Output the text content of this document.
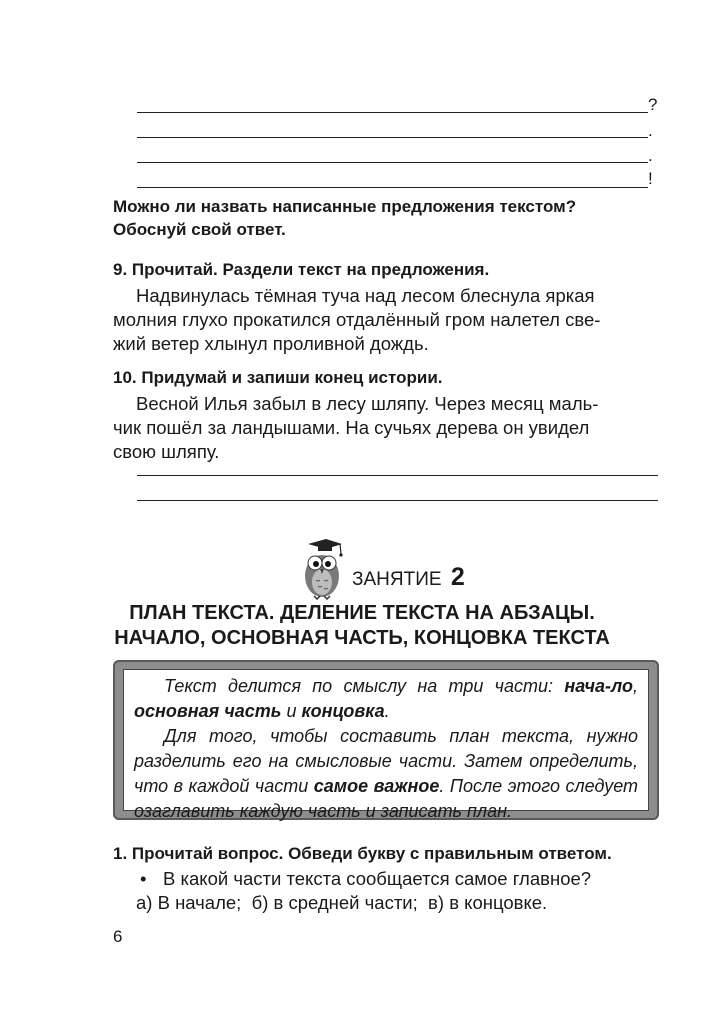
?
.
.
!
Можно ли назвать написанные предложения текстом?
Обоснуй свой ответ.
9. Прочитай. Раздели текст на предложения.
Надвинулась тёмная туча над лесом блеснула яркая
молния глухо прокатился отдалённый гром налетел све-
жий ветер хлынул проливной дождь.
10. Придумай и запиши конец истории.
Весной Илья забыл в лесу шляпу. Через месяц маль-
чик пошёл за ландышами. На сучьях дерева он увидел
свою шляпу.
ЗАНЯТИЕ 2
ПЛАН ТЕКСТА. ДЕЛЕНИЕ ТЕКСТА НА АБЗАЦЫ.
НАЧАЛО, ОСНОВНАЯ ЧАСТЬ, КОНЦОВКА ТЕКСТА

Текст делится по смыслу на три части: нача-ло, основная часть и концовка.

Для того, чтобы составить план текста, нужно разделить его на смысловые части. Затем определить, что в каждой части самое важное. После этого следует озаглавить каждую часть и записать план.

1. Прочитай вопрос. Обведи букву с правильным ответом.
• В какой части текста сообщается самое главное?
а) В начале;  б) в средней части;  в) в концовке.
6
